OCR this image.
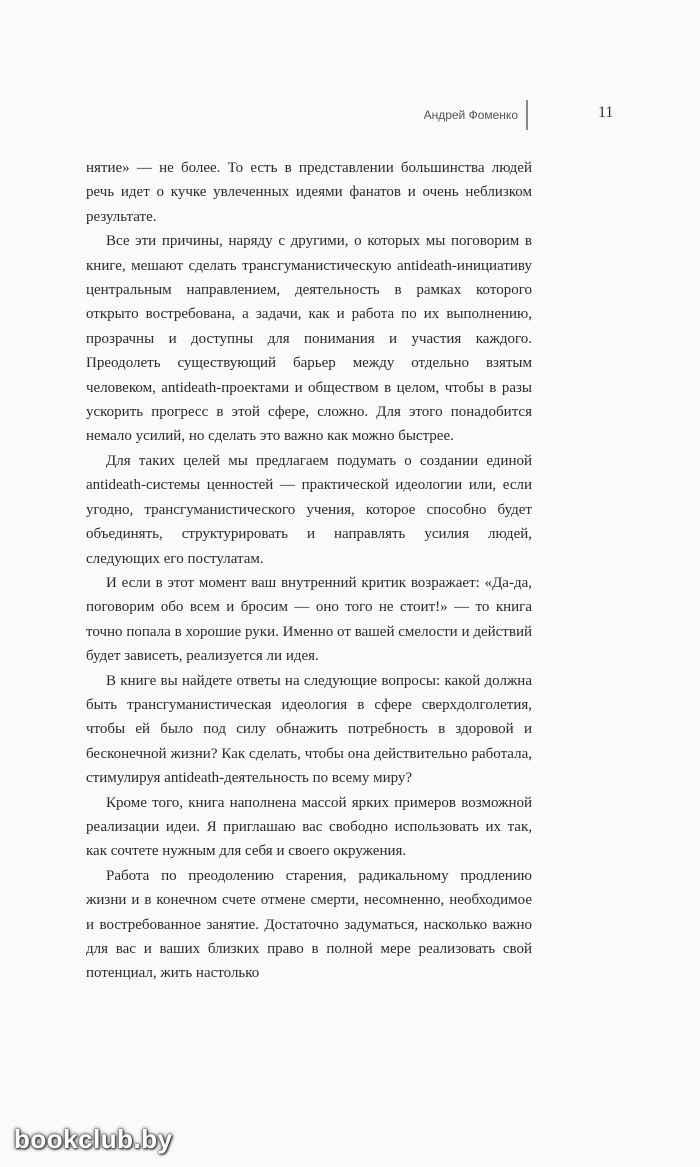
Андрей Фоменко	11

нятие» — не более. То есть в представлении большинства людей речь идет о кучке увлеченных идеями фанатов и очень неблизком результате.

Все эти причины, наряду с другими, о которых мы поговорим в книге, мешают сделать трансгуманистическую antideath-инициативу центральным направлением, деятельность в рамках которого открыто востребована, а задачи, как и работа по их выполнению, прозрачны и доступны для понимания и участия каждого. Преодолеть существующий барьер между отдельно взятым человеком, antideath-проектами и обществом в целом, чтобы в разы ускорить прогресс в этой сфере, сложно. Для этого понадобится немало усилий, но сделать это важно как можно быстрее.

Для таких целей мы предлагаем подумать о создании единой antideath-системы ценностей — практической идеологии или, если угодно, трансгуманистического учения, которое способно будет объединять, структурировать и направлять усилия людей, следующих его постулатам.

И если в этот момент ваш внутренний критик возражает: «Да-да, поговорим обо всем и бросим — оно того не стоит!» — то книга точно попала в хорошие руки. Именно от вашей смелости и действий будет зависеть, реализуется ли идея.

В книге вы найдете ответы на следующие вопросы: какой должна быть трансгуманистическая идеология в сфере сверхдолголетия, чтобы ей было под силу обнажить потребность в здоровой и бесконечной жизни? Как сделать, чтобы она действительно работала, стимулируя antideath-деятельность по всему миру?

Кроме того, книга наполнена массой ярких примеров возможной реализации идеи. Я приглашаю вас свободно использовать их так, как сочтете нужным для себя и своего окружения.

Работа по преодолению старения, радикальному продлению жизни и в конечном счете отмене смерти, несомненно, необходимое и востребованное занятие. Достаточно задуматься, насколько важно для вас и ваших близких право в полной мере реализовать свой потенциал, жить настолько

bookclub.by
